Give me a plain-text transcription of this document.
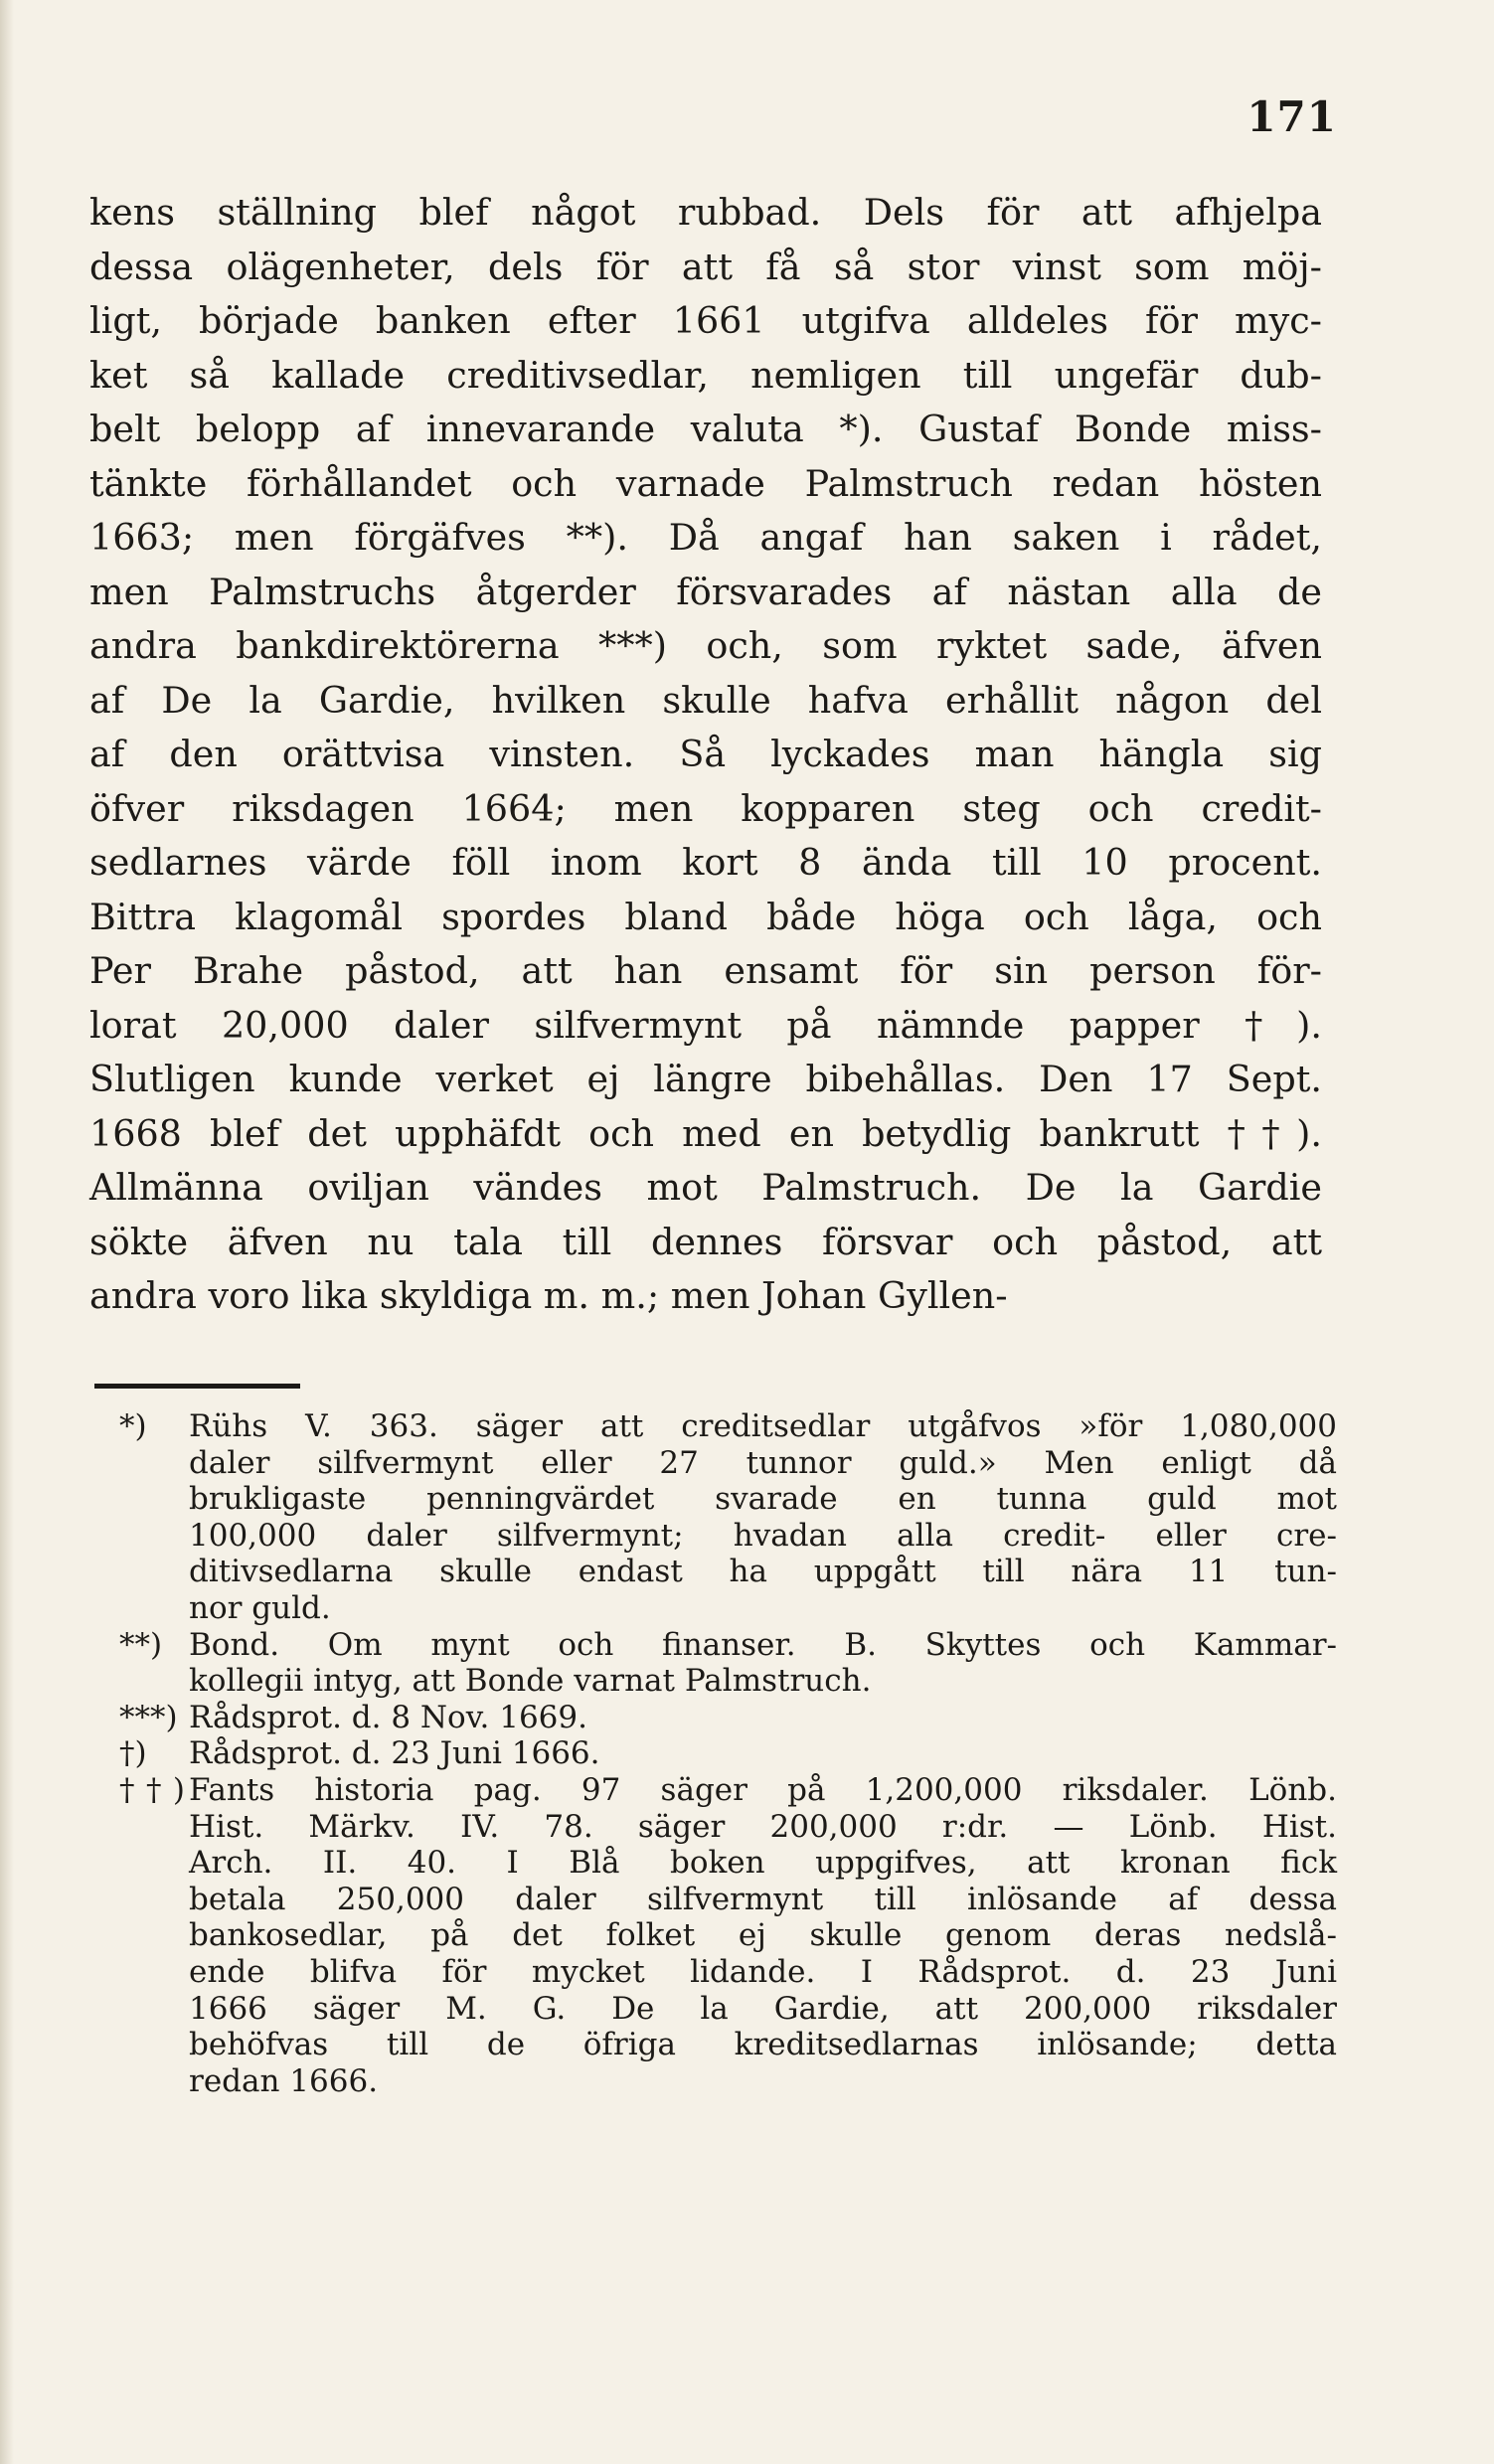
171
kens ställning blef något rubbad. Dels för att afhjelpa
dessa olägenheter, dels för att få så stor vinst som möj-
ligt, började banken efter 1661 utgifva alldeles för myc-
ket så kallade creditivsedlar, nemligen till ungefär dub-
belt belopp af innevarande valuta *). Gustaf Bonde miss-
tänkte förhållandet och varnade Palmstruch redan hösten
1663; men förgäfves **). Då angaf han saken i rådet,
men Palmstruchs åtgerder försvarades af nästan alla de
andra bankdirektörerna ***) och, som ryktet sade, äfven
af De la Gardie, hvilken skulle hafva erhållit någon del
af den orättvisa vinsten. Så lyckades man hängla sig
öfver riksdagen 1664; men kopparen steg och credit-
sedlarnes värde föll inom kort 8 ända till 10 procent.
Bittra klagomål spordes bland både höga och låga, och
Per Brahe påstod, att han ensamt för sin person för-
lorat 20,000 daler silfvermynt på nämnde papper †).
Slutligen kunde verket ej längre bibehållas. Den 17 Sept.
1668 blef det upphäfdt och med en betydlig bankrutt ††).
Allmänna oviljan vändes mot Palmstruch. De la Gardie
sökte äfven nu tala till dennes försvar och påstod, att
andra voro lika skyldiga m. m.; men Johan Gyllen-
*)	Rühs V. 363. säger att creditsedlar utgåfvos »för 1,080,000
daler silfvermynt eller 27 tunnor guld.» Men enligt då
brukligaste penningvärdet svarade en tunna guld mot
100,000 daler silfvermynt; hvadan alla credit- eller cre-
ditivsedlarna skulle endast ha uppgått till nära 11 tun-
nor guld.
**) Bond. Om mynt och finanser. B. Skyttes och Kammar-
kollegii intyg, att Bonde varnat Palmstruch.
***) Rådsprot. d. 8 Nov. 1669.
†)	Rådsprot. d. 23 Juni 1666.
††) Fants historia pag. 97 säger på 1,200,000 riksdaler. Lönb.
Hist. Märkv. IV. 78. säger 200,000 r:dr. — Lönb. Hist.
Arch. II. 40. I Blå boken uppgifves, att kronan fick
betala 250,000 daler silfvermynt till inlösande af dessa
bankosedlar, på det folket ej skulle genom deras nedslå-
ende blifva för mycket lidande. I Rådsprot. d. 23 Juni
1666 säger M. G. De la Gardie, att 200,000 riksdaler
behöfvas till de öfriga kreditsedlarnas inlösande; detta
redan 1666.
